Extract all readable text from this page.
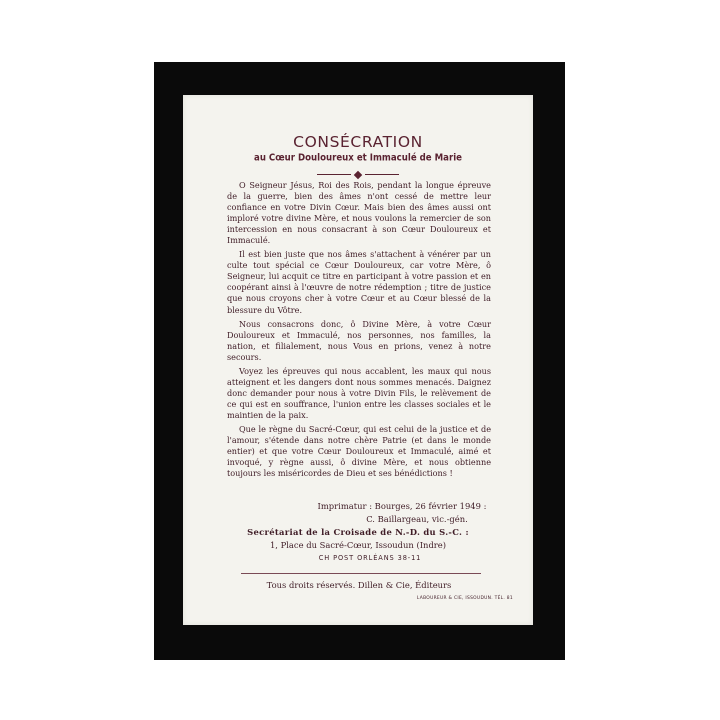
CONSÉCRATION
au Cœur Douloureux et Immaculé de Marie

O Seigneur Jésus, Roi des Rois, pendant la longue épreuve de la guerre, bien des âmes n'ont cessé de mettre leur confiance en votre Divin Cœur. Mais bien des âmes aussi ont imploré votre divine Mère, et nous voulons la remercier de son intercession en nous consacrant à son Cœur Douloureux et Immaculé.

Il est bien juste que nos âmes s'attachent à vénérer par un culte tout spécial ce Cœur Douloureux, car votre Mère, ô Seigneur, lui acquit ce titre en participant à votre passion et en coopérant ainsi à l'œuvre de notre rédemption ; titre de justice que nous croyons cher à votre Cœur et au Cœur blessé de la blessure du Vôtre.

Nous consacrons donc, ô Divine Mère, à votre Cœur Douloureux et Immaculé, nos personnes, nos familles, la nation, et filialement, nous Vous en prions, venez à notre secours.

Voyez les épreuves qui nous accablent, les maux qui nous atteignent et les dangers dont nous sommes menacés. Daignez donc demander pour nous à votre Divin Fils, le relèvement de ce qui est en souffrance, l'union entre les classes sociales et le maintien de la paix.

Que le règne du Sacré-Cœur, qui est celui de la justice et de l'amour, s'étende dans notre chère Patrie (et dans le monde entier) et que votre Cœur Douloureux et Immaculé, aimé et invoqué, y règne aussi, ô divine Mère, et nous obtienne toujours les miséricordes de Dieu et ses bénédictions !

Imprimatur : Bourges, 26 février 1949 :
C. Baillargeau, vic.-gén.
Secrétariat de la Croisade de N.-D. du S.-C. :
1, Place du Sacré-Cœur, Issoudun (Indre)
CH POST ORLÉANS 38-11
Tous droits réservés. Dillen & Cie, Éditeurs
LABOUREUR & CIE, ISSOUDUN. TÉL. 81
